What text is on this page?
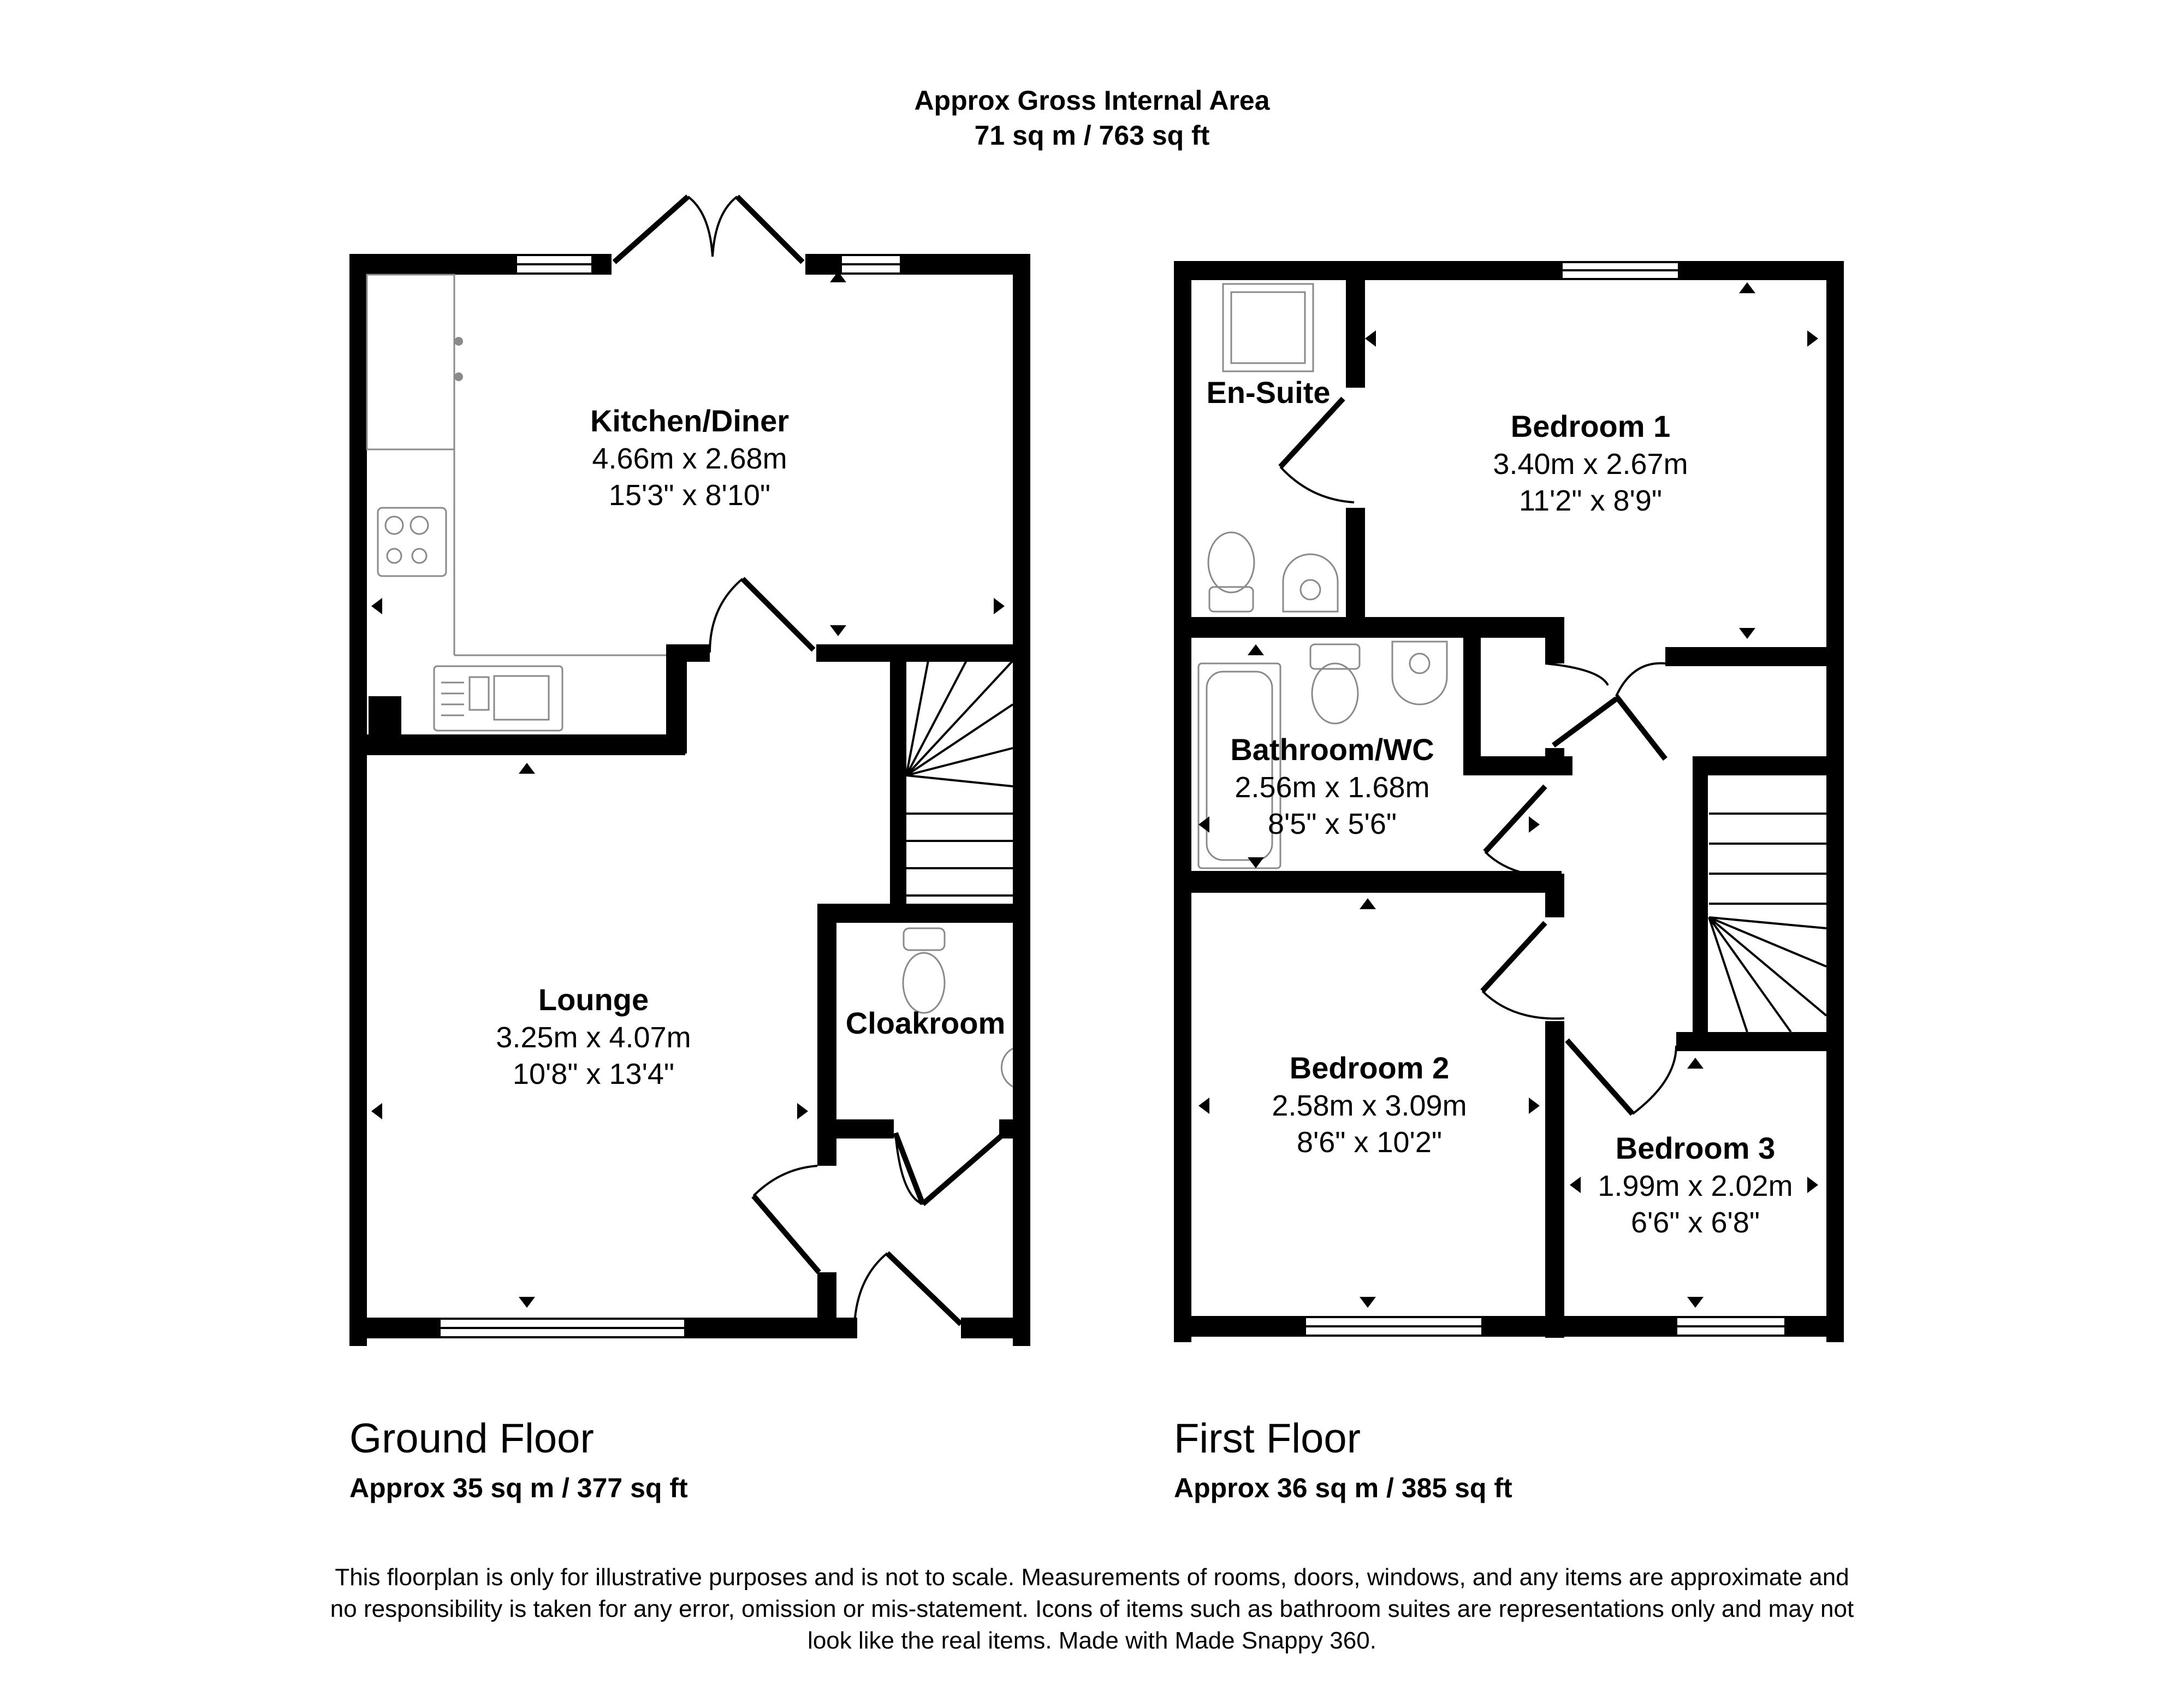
Approx Gross Internal Area
71 sq m / 763 sq ft
Kitchen/Diner
4.66m x 2.68m
15'3" x 8'10"
Lounge
3.25m x 4.07m
10'8" x 13'4"
Cloakroom
En-Suite
Bedroom 1
3.40m x 2.67m
11'2" x 8'9"
Bathroom/WC
2.56m x 1.68m
8'5" x 5'6"
Bedroom 2
2.58m x 3.09m
8'6" x 10'2"	Bedroom 3
1.99m x 2.02m
6'6" x 6'8"
Ground Floor
Approx 35 sq m / 377 sq ft
First Floor
Approx 36 sq m / 385 sq ft
This floorplan is only for illustrative purposes and is not to scale. Measurements of rooms, doors, windows, and any items are approximate and no responsibility is taken for any error, omission or mis-statement. Icons of items such as bathroom suites are representations only and may not look like the real items. Made with Made Snappy 360.
